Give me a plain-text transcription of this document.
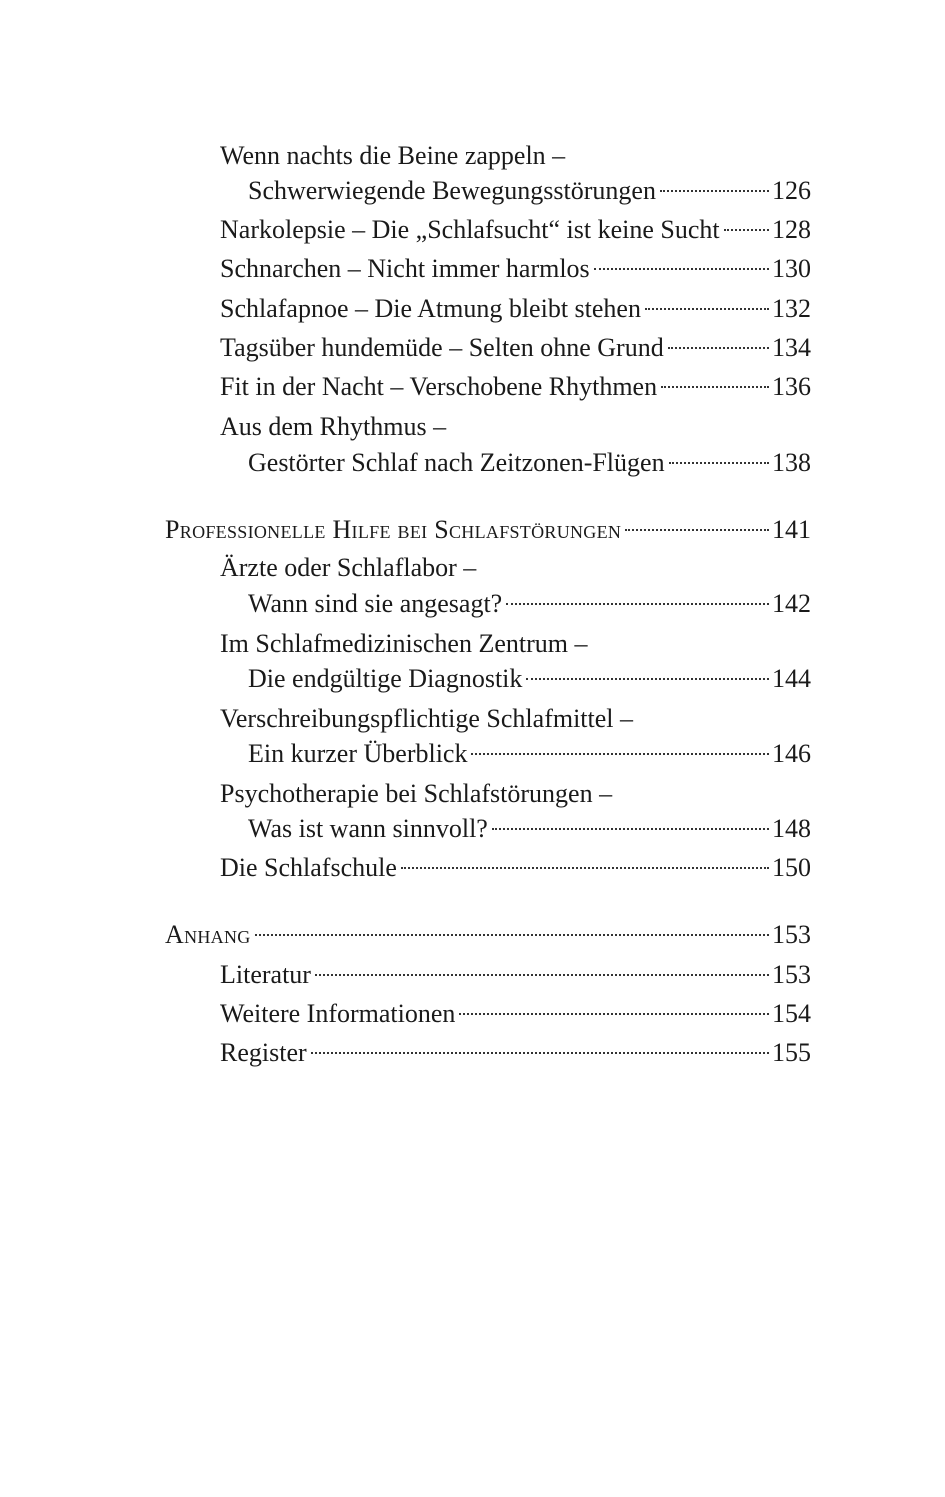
Wenn nachts die Beine zappeln –
Schwerwiegende Bewegungsstörungen	126
Narkolepsie – Die „Schlafsucht“ ist keine Sucht 128
Schnarchen – Nicht immer harmlos	130
Schlafapnoe – Die Atmung bleibt stehen	132
Tagsüber hundemüde – Selten ohne Grund	134
Fit in der Nacht – Verschobene Rhythmen	136
Aus dem Rhythmus –
Gestörter Schlaf nach Zeitzonen-Flügen	138
Professionelle Hilfe bei Schlafstörungen	141
Ärzte oder Schlaflabor –
Wann sind sie angesagt?	142
Im Schlafmedizinischen Zentrum –
Die endgültige Diagnostik	144
Verschreibungspflichtige Schlafmittel –
Ein kurzer Überblick	146
Psychotherapie bei Schlafstörungen –
Was ist wann sinnvoll?	148
Die Schlafschule	150
Anhang	153
Literatur	153
Weitere Informationen	154
Register	155
